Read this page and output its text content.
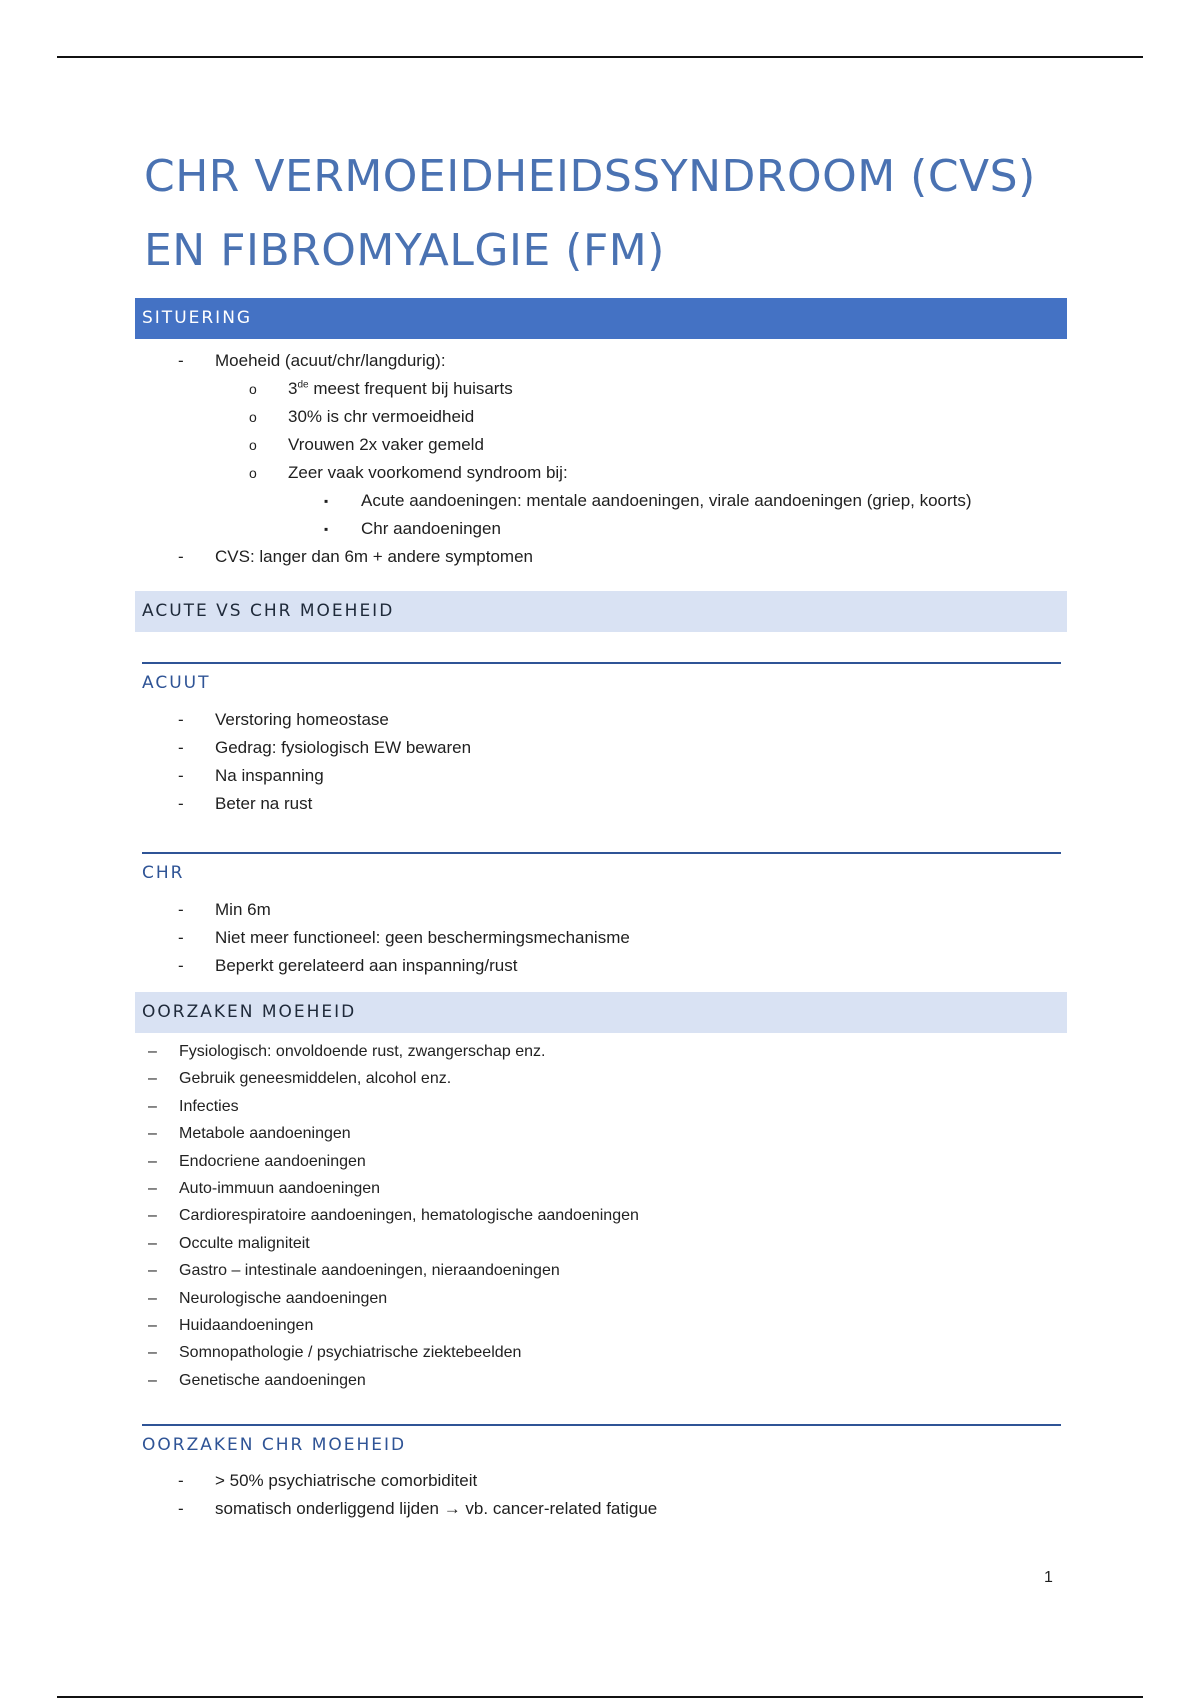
CHR VERMOEIDHEIDSSYNDROOM (CVS)
EN FIBROMYALGIE (FM)
SITUERING
- Moeheid (acuut/chr/langdurig):
o 3de meest frequent bij huisarts
o 30% is chr vermoeidheid
o Vrouwen 2x vaker gemeld
o Zeer vaak voorkomend syndroom bij:
▪ Acute aandoeningen: mentale aandoeningen, virale aandoeningen (griep, koorts)
▪ Chr aandoeningen
- CVS: langer dan 6m + andere symptomen
ACUTE VS CHR MOEHEID
ACUUT
- Verstoring homeostase
- Gedrag: fysiologisch EW bewaren
- Na inspanning
- Beter na rust
CHR
- Min 6m
- Niet meer functioneel: geen beschermingsmechanisme
- Beperkt gerelateerd aan inspanning/rust
OORZAKEN MOEHEID
– Fysiologisch: onvoldoende rust, zwangerschap enz.
– Gebruik geneesmiddelen, alcohol enz.
– Infecties
– Metabole aandoeningen
– Endocriene aandoeningen
– Auto-immuun aandoeningen
– Cardiorespiratoire aandoeningen, hematologische aandoeningen
– Occulte maligniteit
– Gastro – intestinale aandoeningen, nieraandoeningen
– Neurologische aandoeningen
– Huidaandoeningen
– Somnopathologie / psychiatrische ziektebeelden
– Genetische aandoeningen
OORZAKEN CHR MOEHEID
- > 50% psychiatrische comorbiditeit
- somatisch onderliggend lijden → vb. cancer-related fatigue
1
